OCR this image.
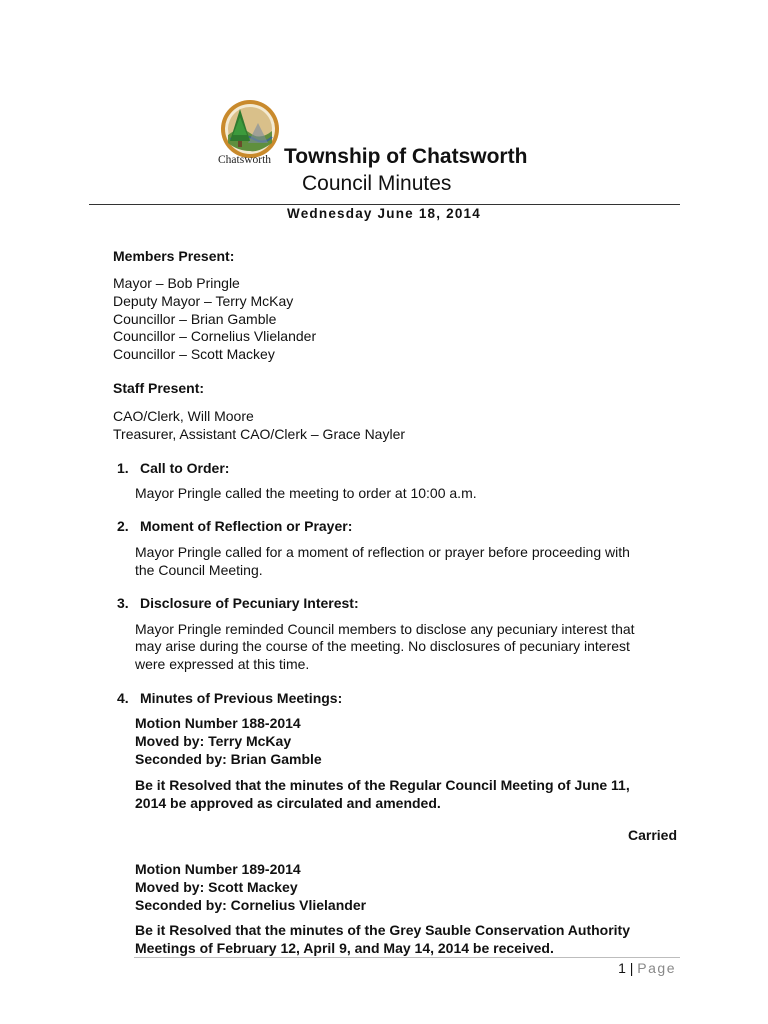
Chatsworth Township of Chatsworth
Council Minutes
Wednesday June 18, 2014
Members Present:
Mayor – Bob Pringle
Deputy Mayor – Terry McKay
Councillor – Brian Gamble
Councillor – Cornelius Vlielander
Councillor – Scott Mackey
Staff Present:
CAO/Clerk, Will Moore
Treasurer, Assistant CAO/Clerk – Grace Nayler
1. Call to Order:
Mayor Pringle called the meeting to order at 10:00 a.m.
2. Moment of Reflection or Prayer:
Mayor Pringle called for a moment of reflection or prayer before proceeding with
the Council Meeting.
3. Disclosure of Pecuniary Interest:
Mayor Pringle reminded Council members to disclose any pecuniary interest that
may arise during the course of the meeting. No disclosures of pecuniary interest
were expressed at this time.
4. Minutes of Previous Meetings:
Motion Number 188-2014
Moved by: Terry McKay
Seconded by: Brian Gamble
Be it Resolved that the minutes of the Regular Council Meeting of June 11,
2014 be approved as circulated and amended.
Carried
Motion Number 189-2014
Moved by: Scott Mackey
Seconded by: Cornelius Vlielander
Be it Resolved that the minutes of the Grey Sauble Conservation Authority
Meetings of February 12, April 9, and May 14, 2014 be received.
1 | Page
